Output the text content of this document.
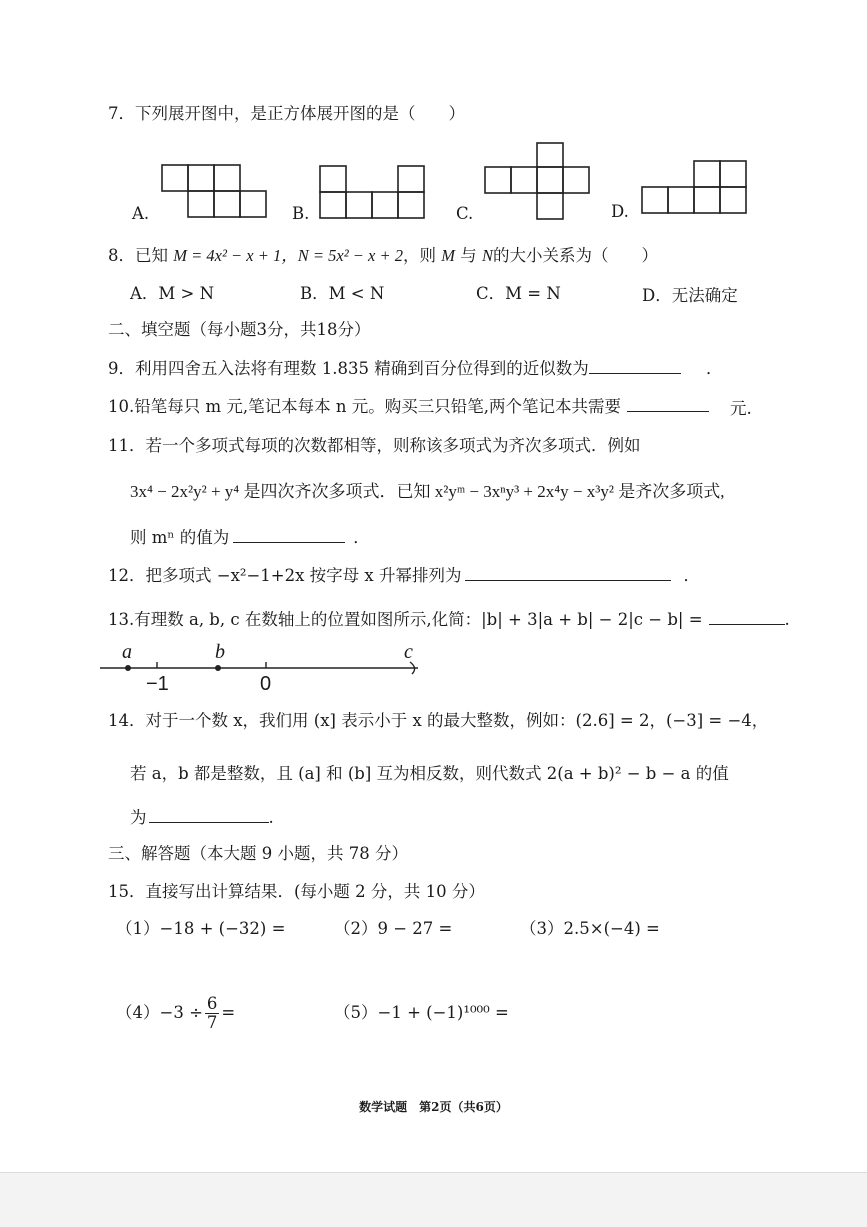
7．下列展开图中，是正方体展开图的是（　　）
A.	B.	C.	D.
8．已知 M = 4x² − x + 1，N = 5x² − x + 2，则 M 与 N的大小关系为（　　）
A．M > N	B．M < N	C．M = N	D．无法确定
二、填空题（每小题3分，共18分）
9．利用四舍五入法将有理数 1.835 精确到百分位得到的近似数为	．
10.铅笔每只 m 元,笔记本每本 n 元。购买三只铅笔,两个笔记本共需要	元.
11．若一个多项式每项的次数都相等，则称该多项式为齐次多项式．例如
3x⁴ − 2x²y² + y⁴ 是四次齐次多项式．已知 x²yᵐ − 3xⁿy³ + 2x⁴y − x³y² 是齐次多项式,
则 mⁿ 的值为	．
12．把多项式 −x²−1+2x 按字母 x 升幂排列为	．
13.有理数 a, b, c 在数轴上的位置如图所示,化简：|b| + 3|a + b| − 2|c − b| =	.
a	b	c
−1	0
14．对于一个数 x，我们用 (x] 表示小于 x 的最大整数，例如：(2.6] = 2，(−3] = −4，
若 a，b 都是整数，且 (a] 和 (b] 互为相反数，则代数式 2(a + b)² − b − a 的值
为	.
三、解答题（本大题 9 小题，共 78 分）
15．直接写出计算结果．(每小题 2 分，共 10 分）
（1）−18 + (−32) =	（2）9 − 27 =	（3）2.5×(−4) =
$(4)-3 \div \frac{6}{7}$ =	（5）−1 + (−1)¹⁰⁰⁰ =
数学试题　第2页（共6页）
